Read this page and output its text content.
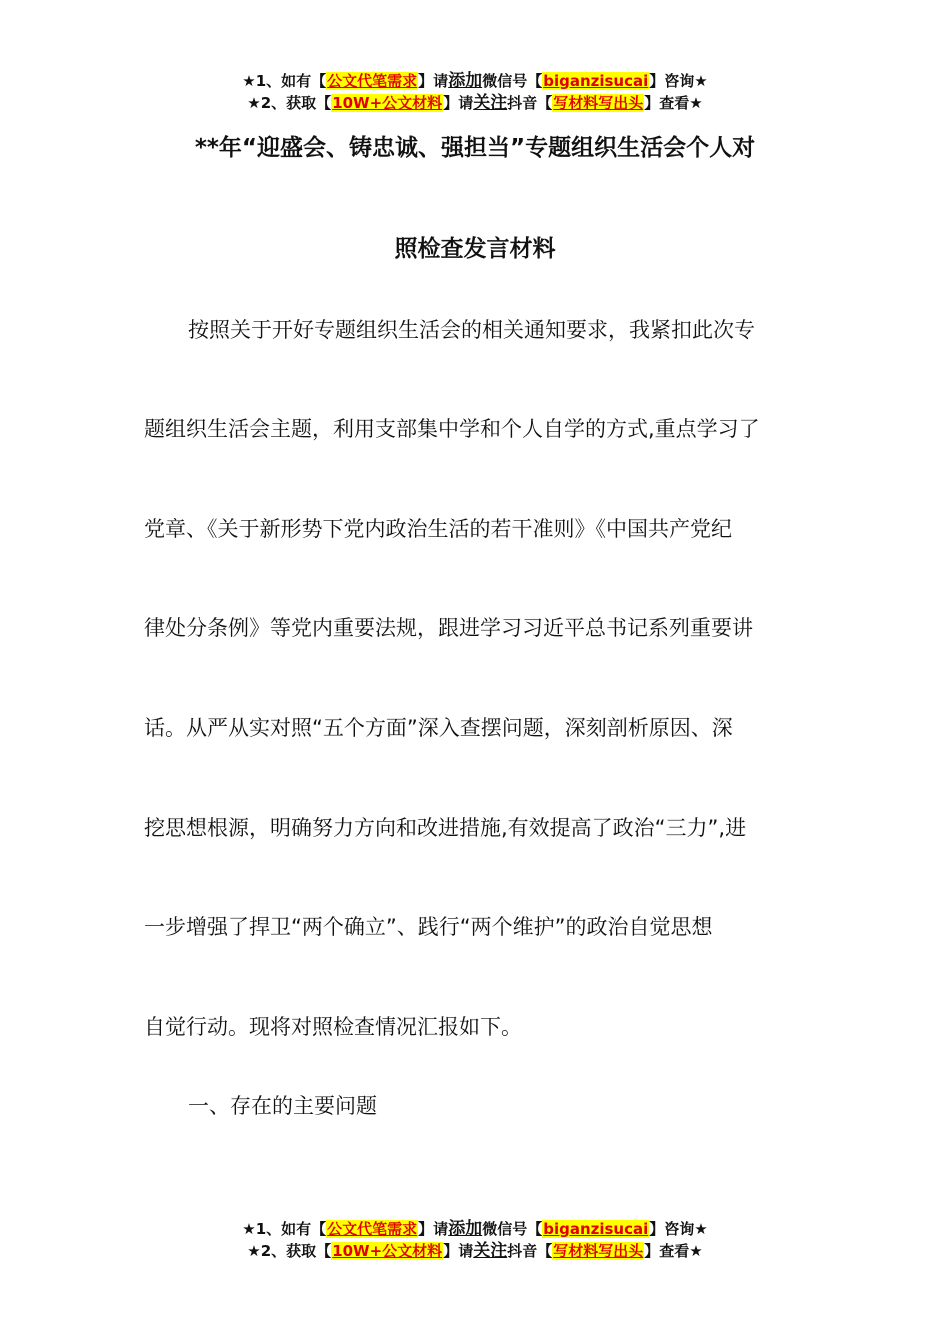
★1、如有【公文代笔需求】请添加微信号【biganzisucai】咨询★
★2、获取【10W+公文材料】请关注抖音【写材料写出头】查看★
**年“迎盛会、铸忠诚、强担当”专题组织生活会个人对
照检查发言材料
按照关于开好专题组织生活会的相关通知要求，我紧扣此次专
题组织生活会主题，利用支部集中学和个人自学的方式,重点学习了
党章、《关于新形势下党内政治生活的若干准则》《中国共产党纪
律处分条例》等党内重要法规，跟进学习习近平总书记系列重要讲
话。从严从实对照“五个方面”深入查摆问题，深刻剖析原因、深
挖思想根源，明确努力方向和改进措施,有效提高了政治“三力”,进
一步增强了捍卫“两个确立”、践行“两个维护”的政治自觉思想
自觉行动。现将对照检查情况汇报如下。
一、存在的主要问题
★1、如有【公文代笔需求】请添加微信号【biganzisucai】咨询★
★2、获取【10W+公文材料】请关注抖音【写材料写出头】查看★
